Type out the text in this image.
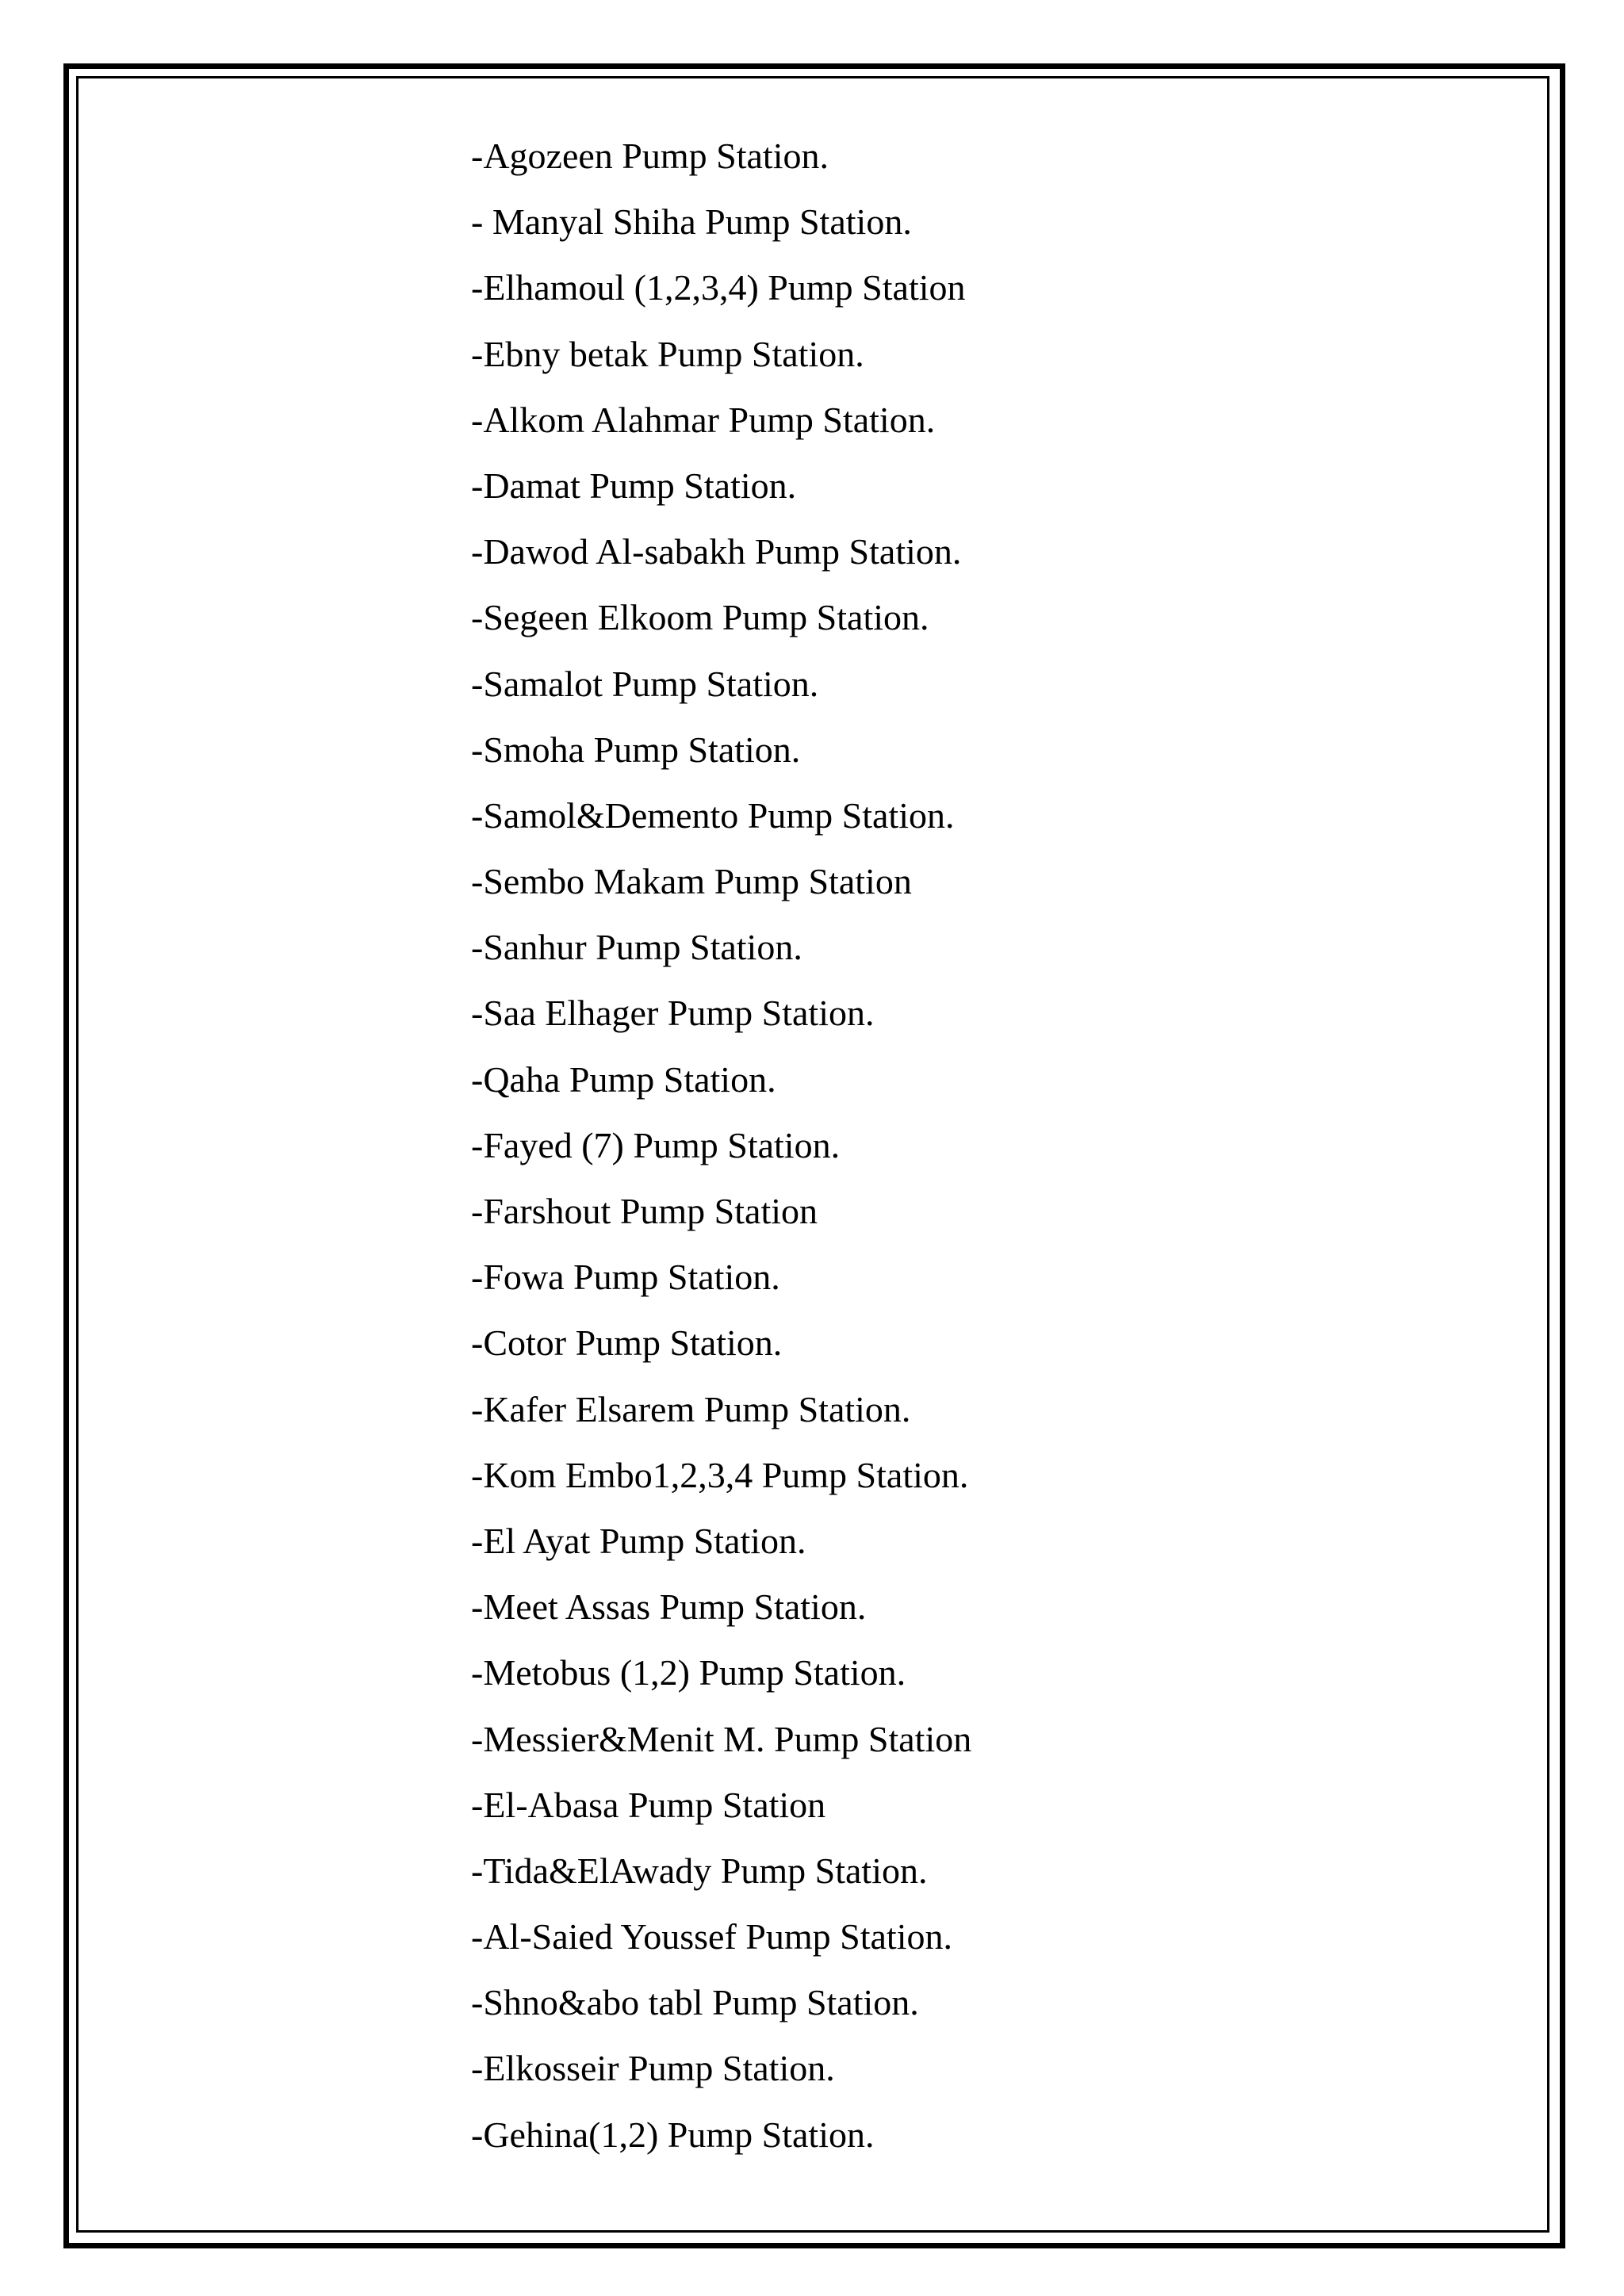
-Agozeen Pump Station.
- Manyal Shiha Pump Station.
-Elhamoul (1,2,3,4) Pump Station
-Ebny betak Pump Station.
-Alkom Alahmar Pump Station.
-Damat Pump Station.
-Dawod Al-sabakh Pump Station.
-Segeen Elkoom Pump Station.
-Samalot Pump Station.
-Smoha Pump Station.
-Samol&Demento Pump Station.
-Sembo Makam Pump Station
-Sanhur Pump Station.
-Saa Elhager Pump Station.
-Qaha Pump Station.
-Fayed (7) Pump Station.
-Farshout Pump Station
-Fowa Pump Station.
-Cotor Pump Station.
-Kafer Elsarem Pump Station.
-Kom Embo1,2,3,4 Pump Station.
-El Ayat Pump Station.
-Meet Assas Pump Station.
-Metobus (1,2) Pump Station.
-Messier&Menit M. Pump Station
-El-Abasa Pump Station
-Tida&ElAwady Pump Station.
-Al-Saied Youssef Pump Station.
-Shno&abo tabl Pump Station.
-Elkosseir Pump Station.
-Gehina(1,2) Pump Station.
